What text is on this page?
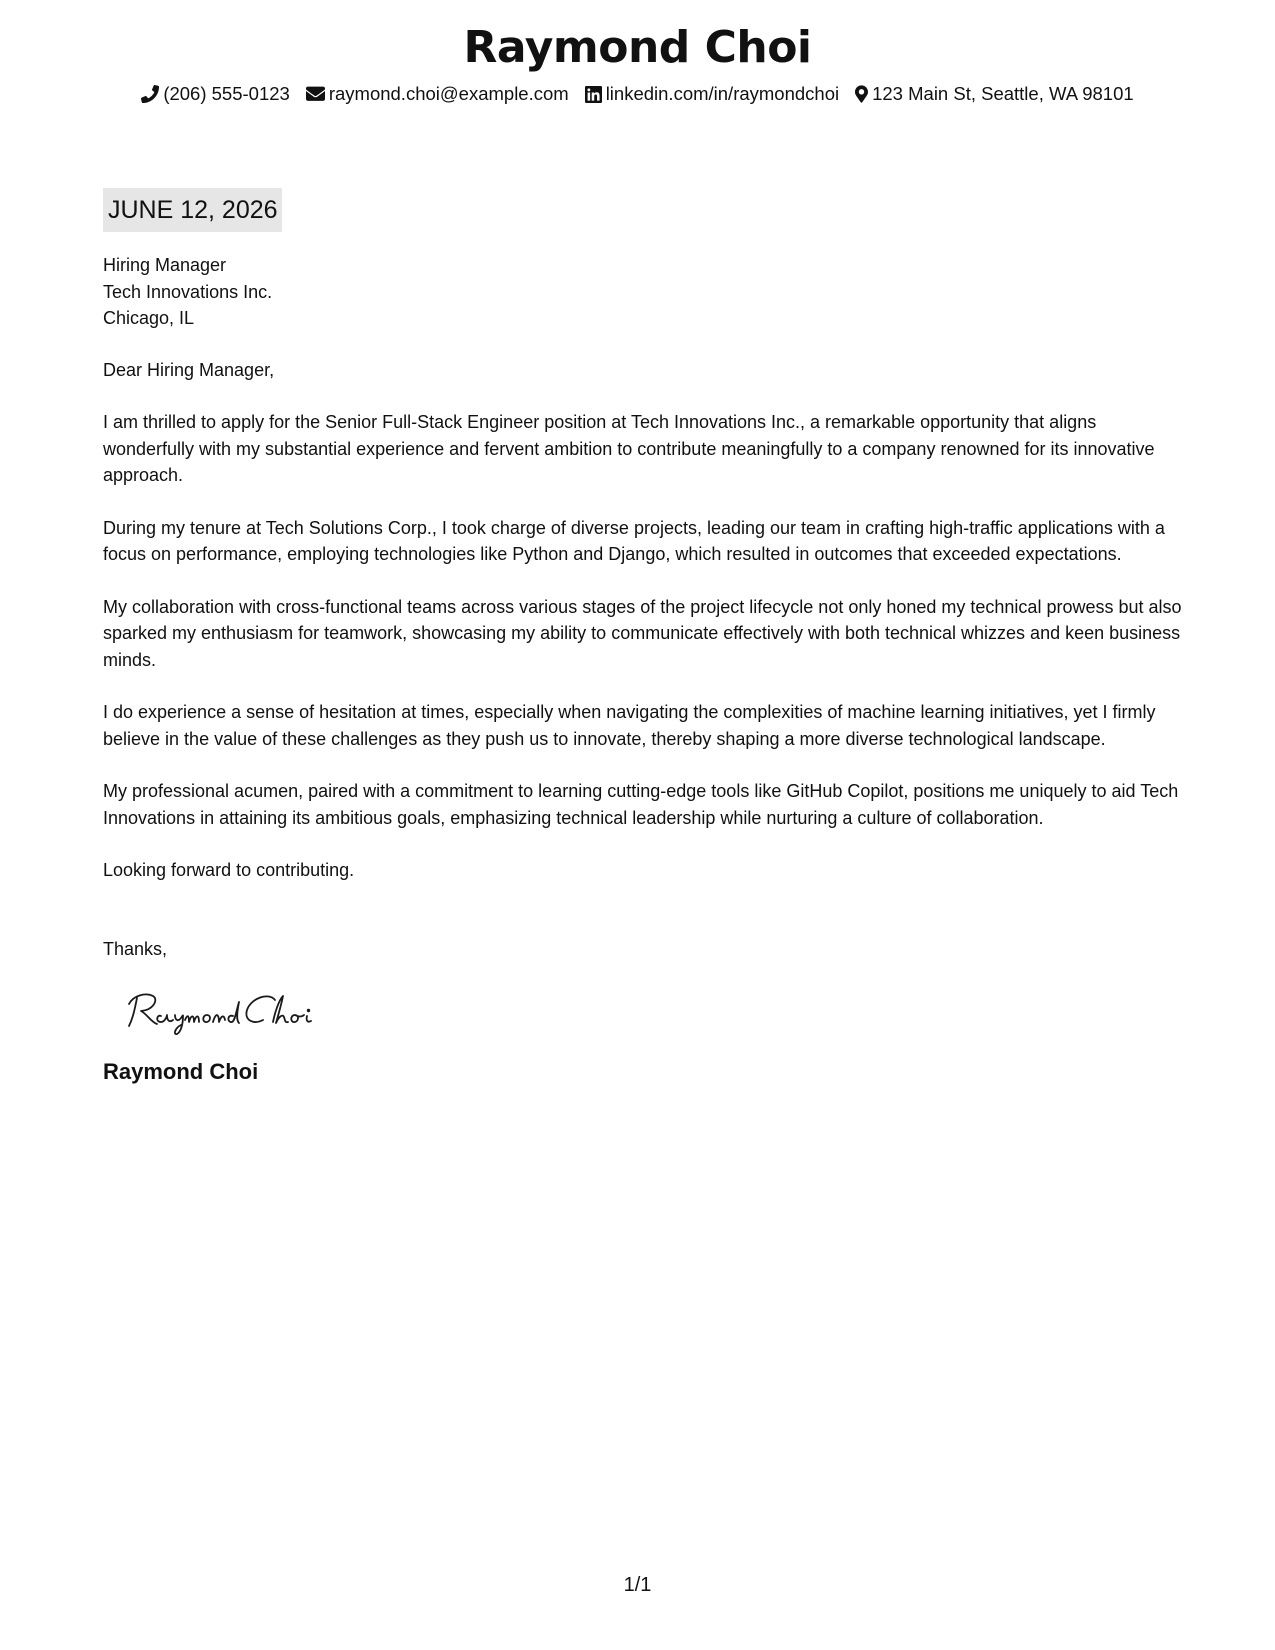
Raymond Choi
(206) 555-0123 raymond.choi@example.com linkedin.com/in/raymondchoi 123 Main St, Seattle, WA 98101
JUNE 12, 2026
Hiring Manager
Tech Innovations Inc.
Chicago, IL

Dear Hiring Manager,

I am thrilled to apply for the Senior Full-Stack Engineer position at Tech Innovations Inc., a remarkable opportunity that aligns wonderfully with my substantial experience and fervent ambition to contribute meaningfully to a company renowned for its innovative approach.

During my tenure at Tech Solutions Corp., I took charge of diverse projects, leading our team in crafting high-traffic applications with a focus on performance, employing technologies like Python and Django, which resulted in outcomes that exceeded expectations.

My collaboration with cross-functional teams across various stages of the project lifecycle not only honed my technical prowess but also sparked my enthusiasm for teamwork, showcasing my ability to communicate effectively with both technical whizzes and keen business minds.

I do experience a sense of hesitation at times, especially when navigating the complexities of machine learning initiatives, yet I firmly believe in the value of these challenges as they push us to innovate, thereby shaping a more diverse technological landscape.

My professional acumen, paired with a commitment to learning cutting-edge tools like GitHub Copilot, positions me uniquely to aid Tech Innovations in attaining its ambitious goals, emphasizing technical leadership while nurturing a culture of collaboration.

Looking forward to contributing.

Thanks,

Raymond Choi
1/1
